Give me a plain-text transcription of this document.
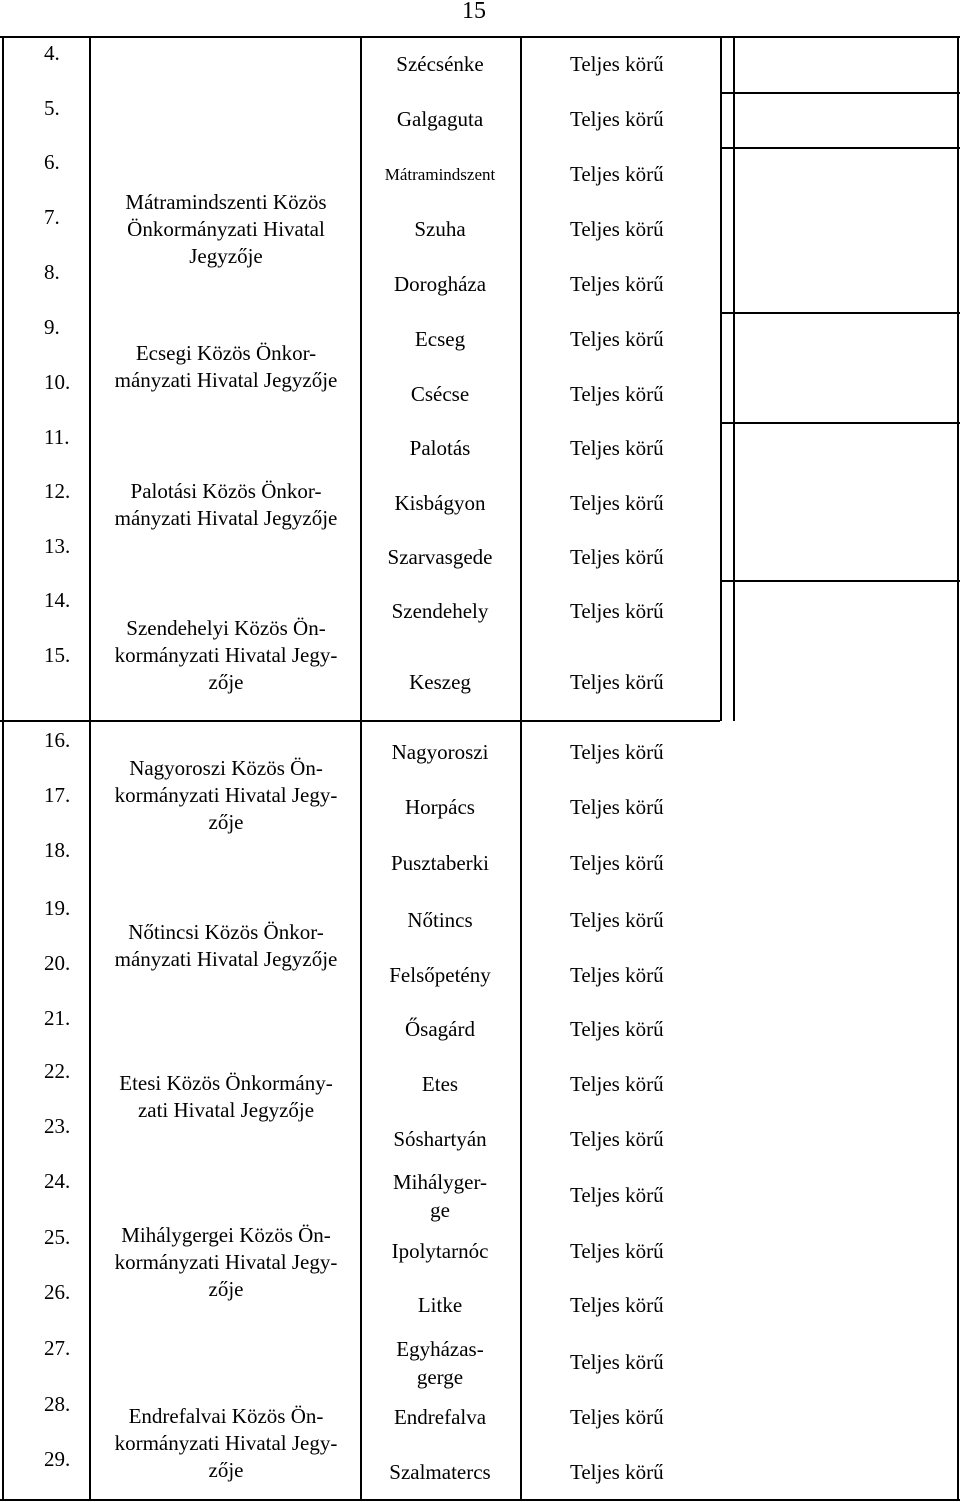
15
4.
5.
6.
7.
8.
9.
10.
11.
12.
13.
14.
15.
16.
17.
18.
19.
20.
21.
22.
23.
24.
25.
26.
27.
28.
29.
Mátramindszenti Közös
Önkormányzati Hivatal
Jegyzője
Ecsegi Közös Önkor-
mányzati Hivatal Jegyzője
Palotási Közös Önkor-
mányzati Hivatal Jegyzője
Szendehelyi Közös Ön-
kormányzati Hivatal Jegy-
zője
Nagyoroszi Közös Ön-
kormányzati Hivatal Jegy-
zője
Nőtincsi Közös Önkor-
mányzati Hivatal Jegyzője
Etesi Közös Önkormány-
zati Hivatal Jegyzője
Mihálygergei Közös Ön-
kormányzati Hivatal Jegy-
zője
Endrefalvai Közös Ön-
kormányzati Hivatal Jegy-
zője
Szécsénke
Galgaguta
Mátramindszent
Szuha
Dorogháza
Ecseg
Csécse
Palotás
Kisbágyon
Szarvasgede
Szendehely
Keszeg
Nagyoroszi
Horpács
Pusztaberki
Nőtincs
Felsőpetény
Ősagárd
Etes
Sóshartyán
Mihályger-
ge
Ipolytarnóc
Litke
Egyházas-
gerge
Endrefalva
Szalmatercs
Teljes körű
Teljes körű
Teljes körű
Teljes körű
Teljes körű
Teljes körű
Teljes körű
Teljes körű
Teljes körű
Teljes körű
Teljes körű
Teljes körű
Teljes körű
Teljes körű
Teljes körű
Teljes körű
Teljes körű
Teljes körű
Teljes körű
Teljes körű
Teljes körű
Teljes körű
Teljes körű
Teljes körű
Teljes körű
Teljes körű
